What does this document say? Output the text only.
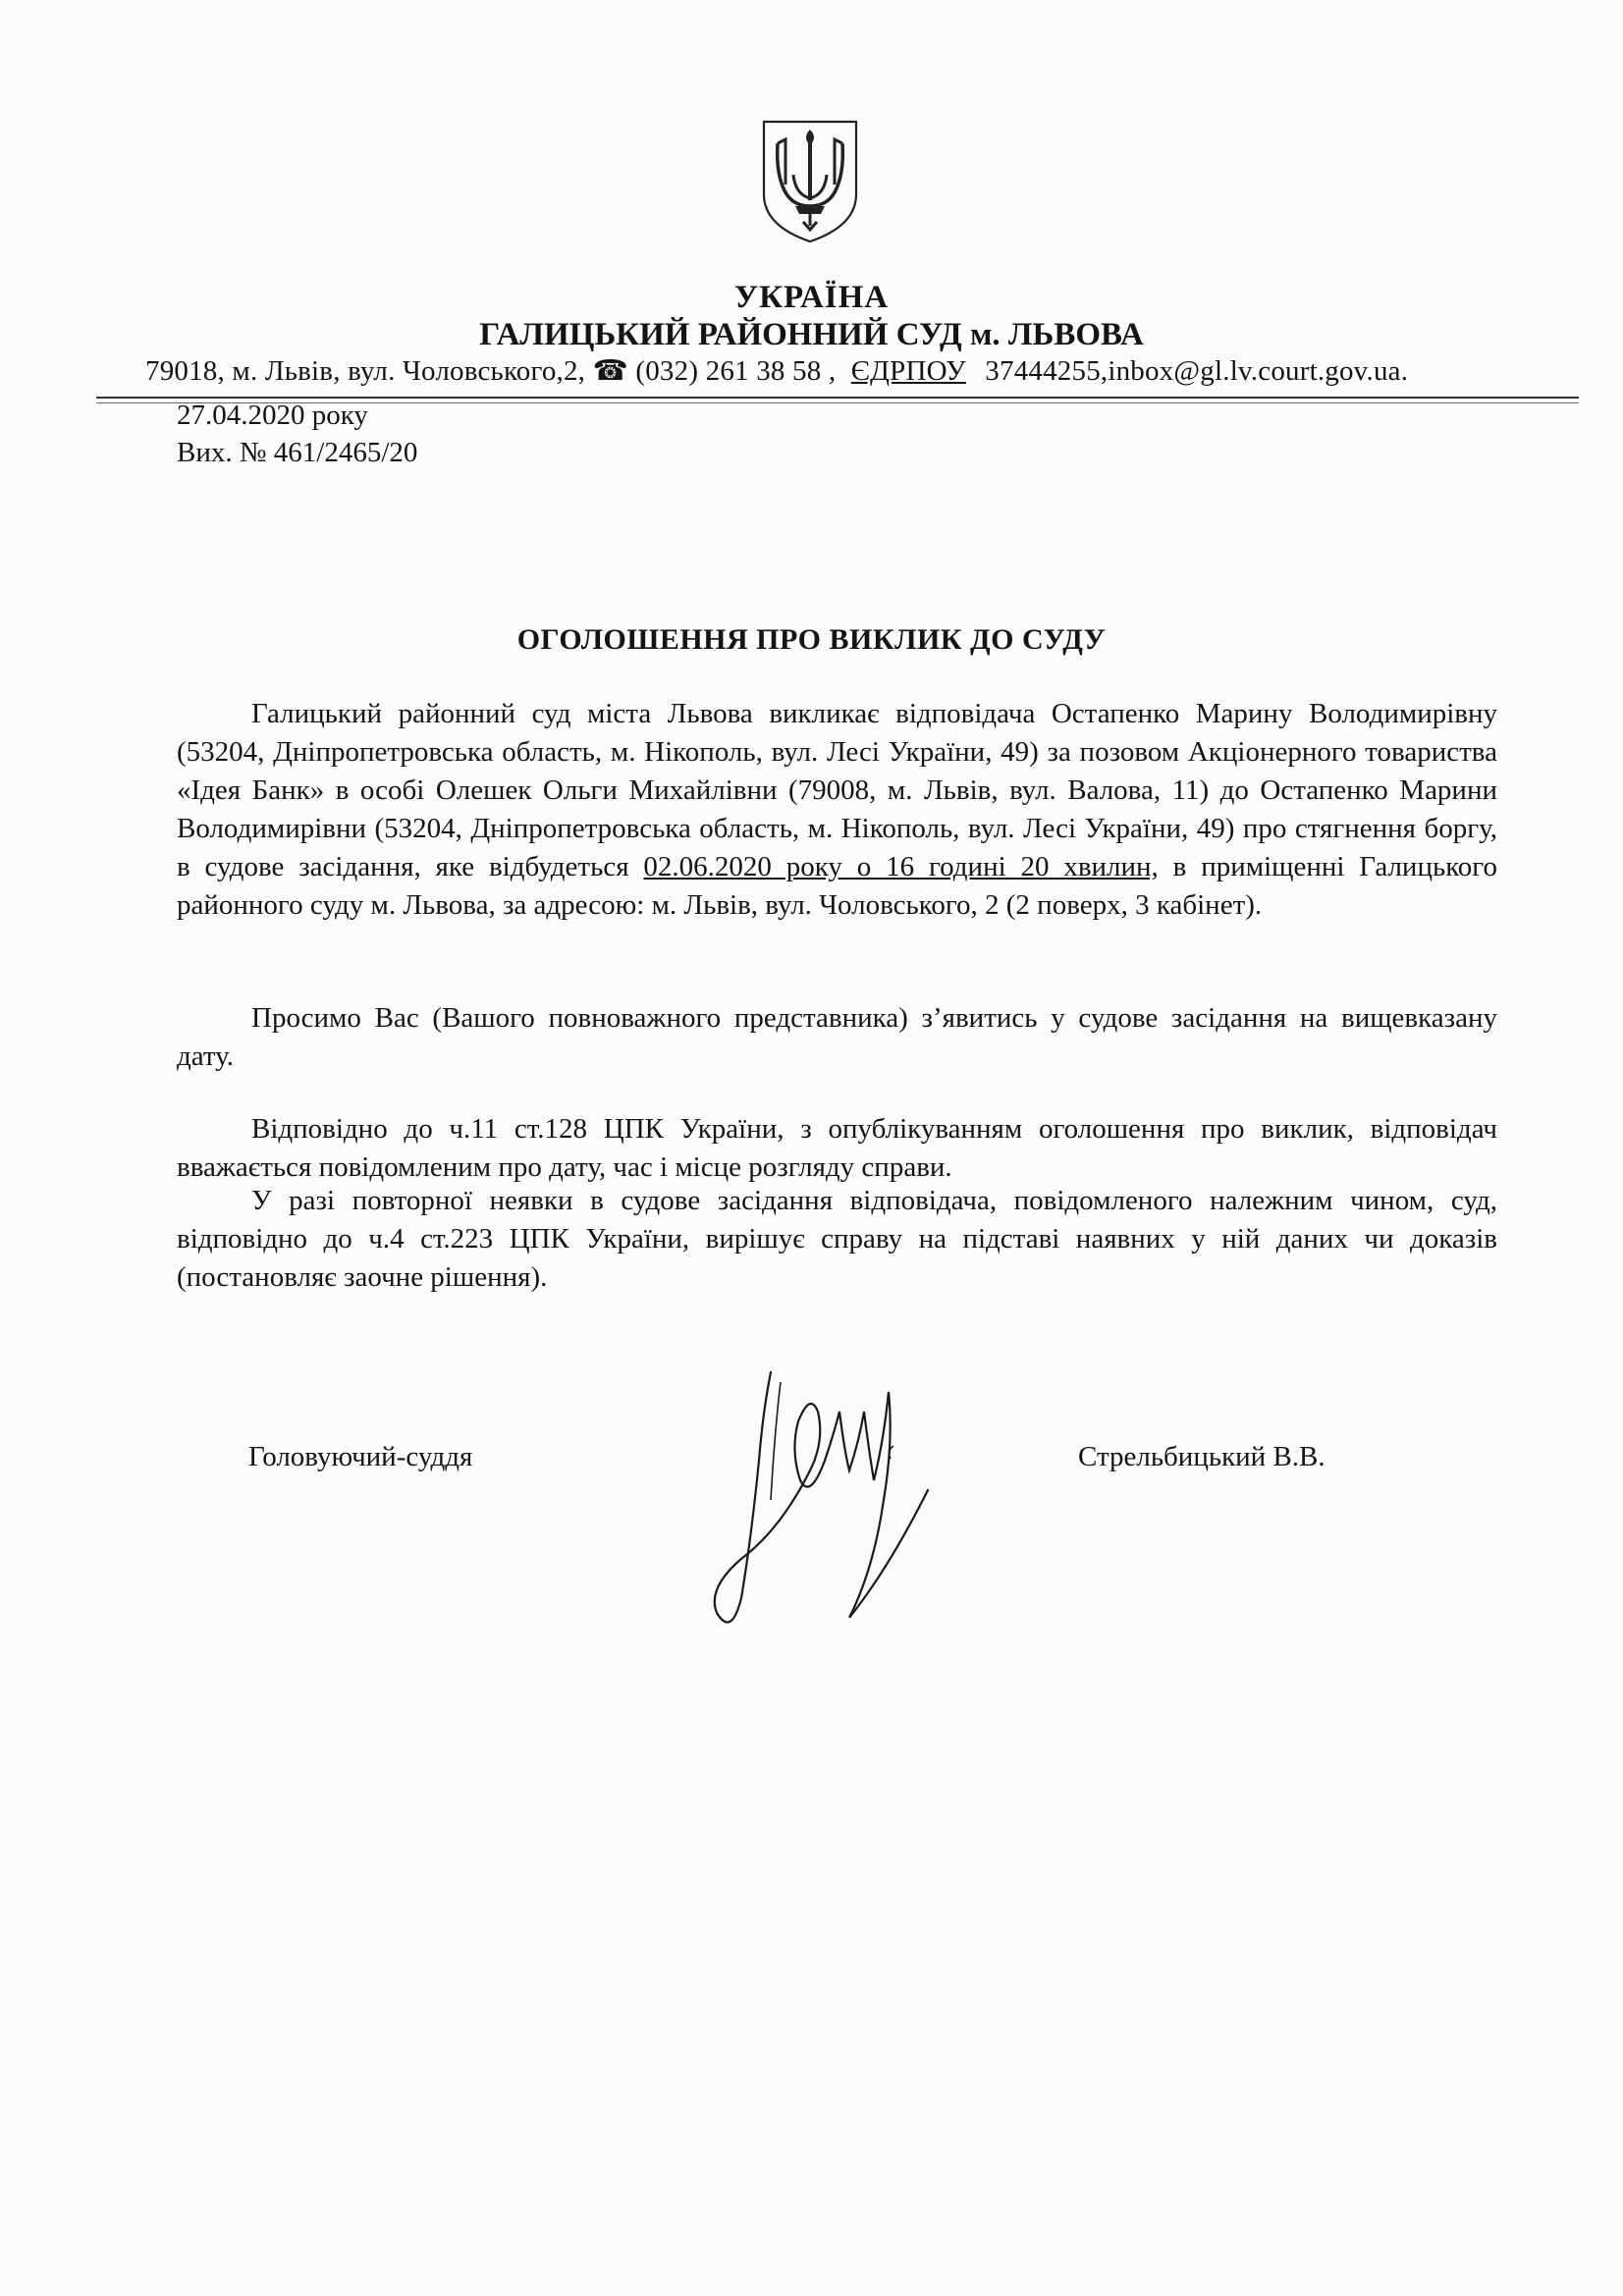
УКРАЇНА
ГАЛИЦЬКИЙ РАЙОННИЙ СУД м. ЛЬВОВА
79018, м. Львів, вул. Чоловського,2, ☎ (032) 261 38 58 , ЄДРПОУ 37444255,inbox@gl.lv.court.gov.ua.
27.04.2020 року
Вих. № 461/2465/20
ОГОЛОШЕННЯ ПРО ВИКЛИК ДО СУДУ

Галицький районний суд міста Львова викликає відповідача Остапенко Марину Володимирівну (53204, Дніпропетровська область, м. Нікополь, вул. Лесі України, 49) за позовом Акціонерного товариства «Ідея Банк» в особі Олешек Ольги Михайлівни (79008, м. Львів, вул. Валова, 11) до Остапенко Марини Володимирівни (53204, Дніпропетровська область, м. Нікополь, вул. Лесі України, 49) про стягнення боргу, в судове засідання, яке відбудеться 02.06.2020 року о 16 годині 20 хвилин, в приміщенні Галицького районного суду м. Львова, за адресою: м. Львів, вул. Чоловського, 2 (2 поверх, 3 кабінет).

Просимо Вас (Вашого повноважного представника) з’явитись у судове засідання на вищевказану дату.

Відповідно до ч.11 ст.128 ЦПК України, з опублікуванням оголошення про виклик, відповідач вважається повідомленим про дату, час і місце розгляду справи.

У разі повторної неявки в судове засідання відповідача, повідомленого належним чином, суд, відповідно до ч.4 ст.223 ЦПК України, вирішує справу на підставі наявних у ній даних чи доказів (постановляє заочне рішення).

Головуючий-суддя	Стрельбицький В.В.
